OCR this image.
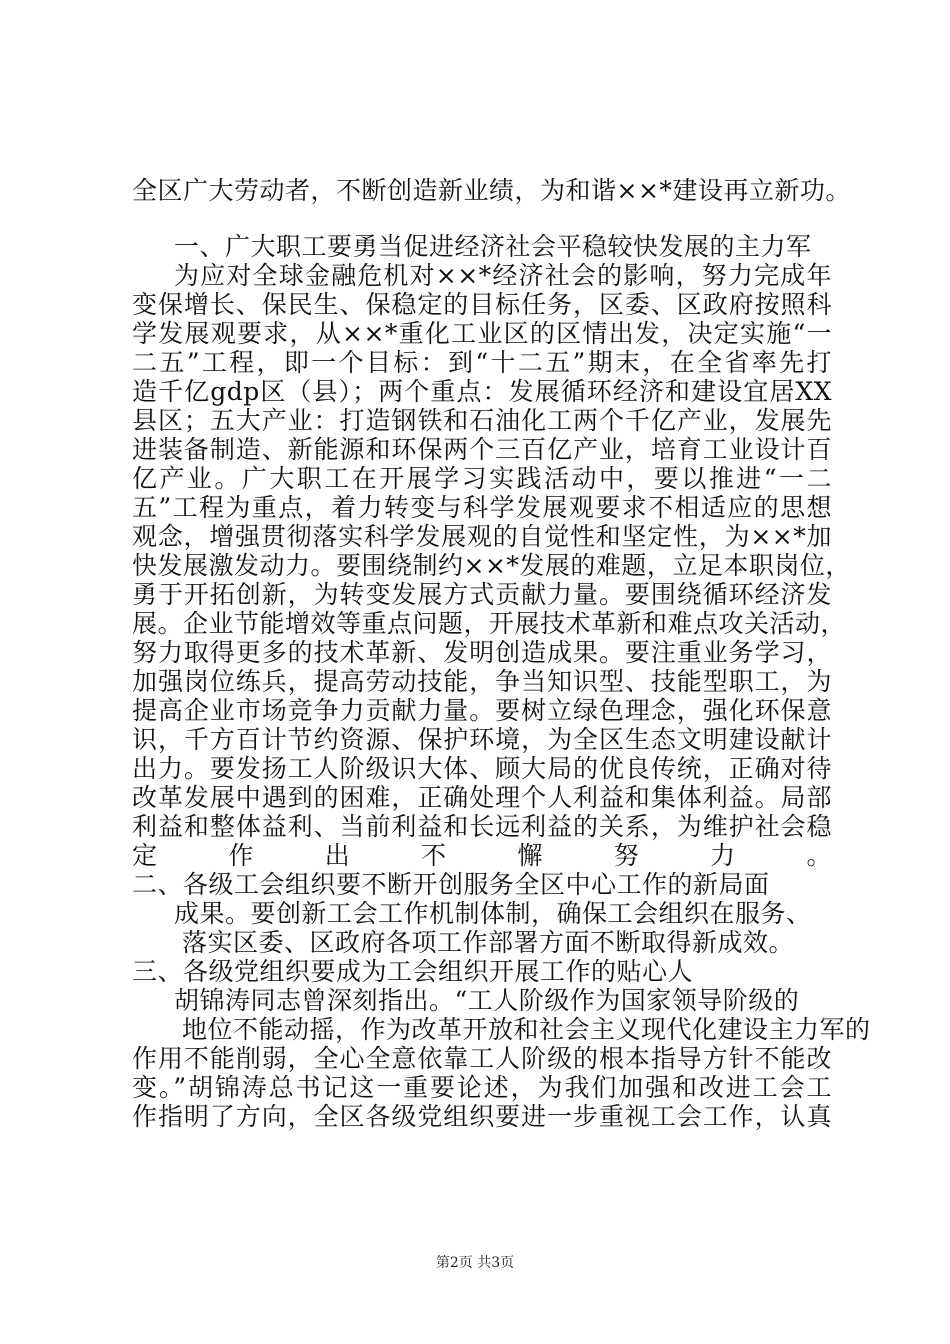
全区广大劳动者，不断创造新业绩，为和谐××*建设再立新功。
一、广大职工要勇当促进经济社会平稳较快发展的主力军
为应对全球金融危机对××*经济社会的影响，努力完成年
变保增长、保民生、保稳定的目标任务，区委、区政府按照科
学发展观要求，从××*重化工业区的区情出发，决定实施“一
二五”工程，即一个目标：到“十二五”期末，在全省率先打
造千亿gdp区（县）；两个重点：发展循环经济和建设宜居XX
县区；五大产业：打造钢铁和石油化工两个千亿产业，发展先
进装备制造、新能源和环保两个三百亿产业，培育工业设计百
亿产业。广大职工在开展学习实践活动中，要以推进“一二
五”工程为重点，着力转变与科学发展观要求不相适应的思想
观念，增强贯彻落实科学发展观的自觉性和坚定性，为××*加
快发展激发动力。要围绕制约××*发展的难题，立足本职岗位，
勇于开拓创新，为转变发展方式贡献力量。要围绕循环经济发
展。企业节能增效等重点问题，开展技术革新和难点攻关活动，
努力取得更多的技术革新、发明创造成果。要注重业务学习，
加强岗位练兵，提高劳动技能，争当知识型、技能型职工，为
提高企业市场竞争力贡献力量。要树立绿色理念，强化环保意
识，千方百计节约资源、保护环境，为全区生态文明建设献计
出力。要发扬工人阶级识大体、顾大局的优良传统，正确对待
改革发展中遇到的困难，正确处理个人利益和集体利益。局部
利益和整体益利、当前利益和长远利益的关系，为维护社会稳
定作出不懈努力。
二、各级工会组织要不断开创服务全区中心工作的新局面
成果。要创新工会工作机制体制，确保工会组织在服务、
落实区委、区政府各项工作部署方面不断取得新成效。
三、各级党组织要成为工会组织开展工作的贴心人
胡锦涛同志曾深刻指出。“工人阶级作为国家领导阶级的
地位不能动摇，作为改革开放和社会主义现代化建设主力军的
作用不能削弱，全心全意依靠工人阶级的根本指导方针不能改
变。”胡锦涛总书记这一重要论述，为我们加强和改进工会工
作指明了方向，全区各级党组织要进一步重视工会工作，认真
第2页 共3页
